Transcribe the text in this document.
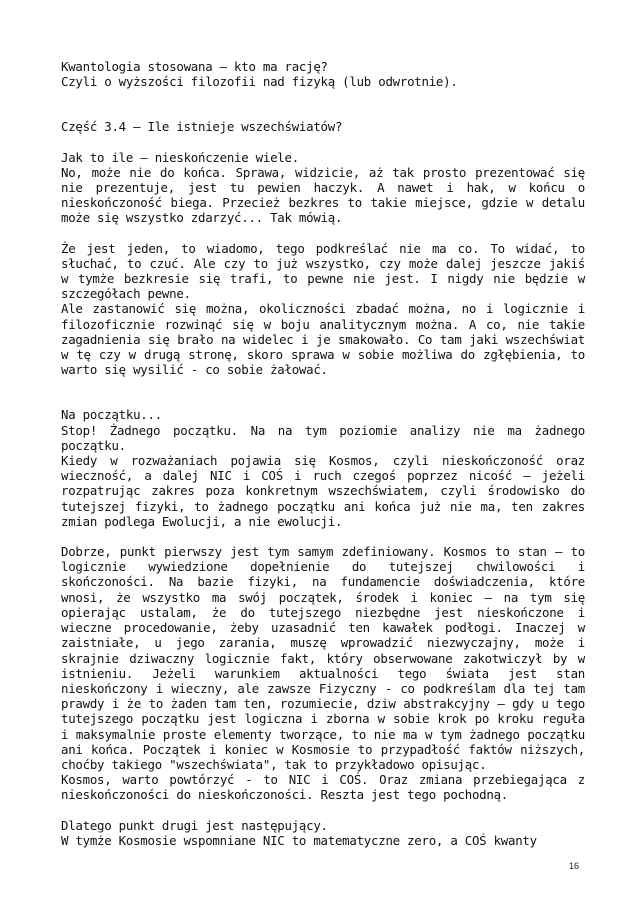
Kwantologia stosowana – kto ma rację?

Czyli o wyższości filozofii nad fizyką (lub odwrotnie).

Część 3.4 – Ile istnieje wszechświatów?

Jak to ile – nieskończenie wiele.

No, może nie do końca. Sprawa, widzicie, aż tak prosto prezentować się nie prezentuje, jest tu pewien haczyk. A nawet i hak, w końcu o nieskończoność biega. Przecież bezkres to takie miejsce, gdzie w detalu może się wszystko zdarzyć... Tak mówią.

Że jest jeden, to wiadomo, tego podkreślać nie ma co. To widać, to słuchać, to czuć. Ale czy to już wszystko, czy może dalej jeszcze jakiś w tymże bezkresie się trafi, to pewne nie jest. I nigdy nie będzie w szczegółach pewne.

Ale zastanowić się można, okoliczności zbadać można, no i logicznie i filozoficznie rozwinąć się w boju analitycznym można. A co, nie takie zagadnienia się brało na widelec i je smakowało. Co tam jaki wszechświat w tę czy w drugą stronę, skoro sprawa w sobie możliwa do zgłębienia, to warto się wysilić - co sobie żałować.

Na początku...

Stop! Żadnego początku. Na na tym poziomie analizy nie ma żadnego początku.

Kiedy w rozważaniach pojawia się Kosmos, czyli nieskończoność oraz wieczność, a dalej NIC i COŚ i ruch czegoś poprzez nicość – jeżeli rozpatrując zakres poza konkretnym wszechświatem, czyli środowisko do tutejszej fizyki, to żadnego początku ani końca już nie ma, ten zakres zmian podlega Ewolucji, a nie ewolucji.

Dobrze, punkt pierwszy jest tym samym zdefiniowany. Kosmos to stan – to logicznie wywiedzione dopełnienie do tutejszej chwilowości i skończoności. Na bazie fizyki, na fundamencie doświadczenia, które wnosi, że wszystko ma swój początek, środek i koniec – na tym się opierając ustalam, że do tutejszego niezbędne jest nieskończone i wieczne procedowanie, żeby uzasadnić ten kawałek podłogi. Inaczej w zaistniałe, u jego zarania, muszę wprowadzić niezwyczajny, może i skrajnie dziwaczny logicznie fakt, który obserwowane zakotwiczył by w istnieniu. Jeżeli warunkiem aktualności tego świata jest stan nieskończony i wieczny, ale zawsze Fizyczny - co podkreślam dla tej tam prawdy i że to żaden tam ten, rozumiecie, dziw abstrakcyjny – gdy u tego tutejszego początku jest logiczna i zborna w sobie krok po kroku reguła i maksymalnie proste elementy tworzące, to nie ma w tym żadnego początku ani końca. Początek i koniec w Kosmosie to przypadłość faktów niższych, choćby takiego "wszechświata", tak to przykładowo opisując.

Kosmos, warto powtórzyć - to NIC i COŚ. Oraz zmiana przebiegająca z nieskończoności do nieskończoności. Reszta jest tego pochodną.

Dlatego punkt drugi jest następujący.

W tymże Kosmosie wspomniane NIC to matematyczne zero, a COŚ kwanty

16
